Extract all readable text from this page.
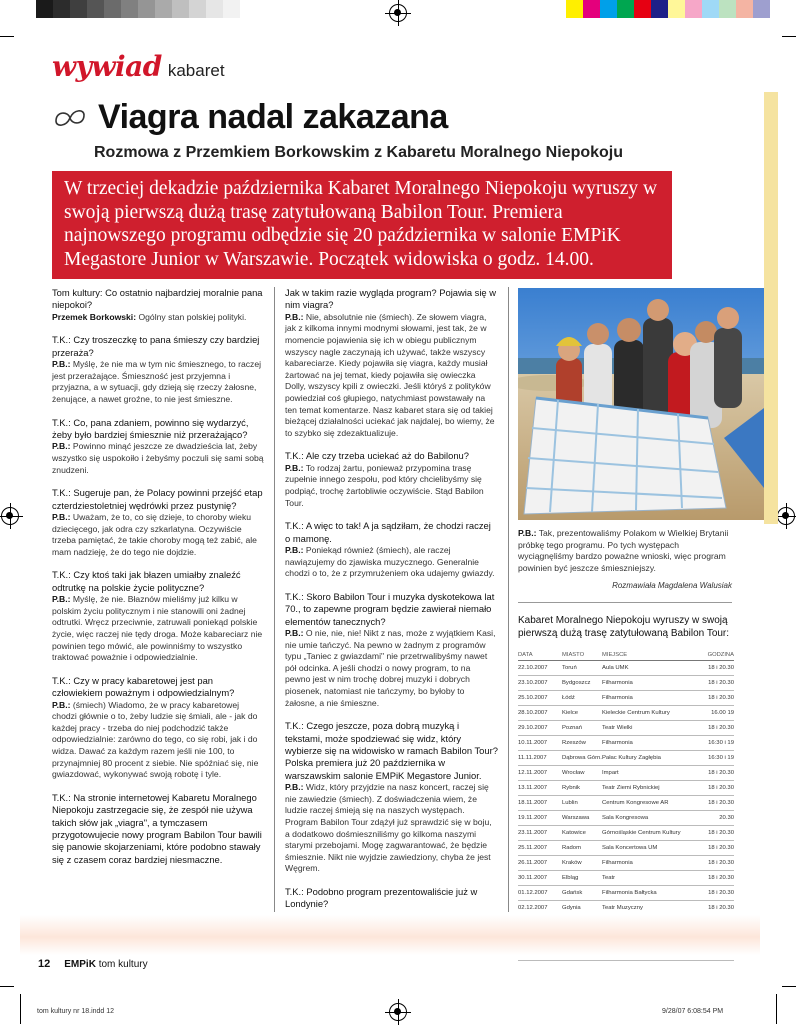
wywiad kabaret
Viagra nadal zakazana
Rozmowa z Przemkiem Borkowskim z Kabaretu Moralnego Niepokoju
W trzeciej dekadzie października Kabaret Moralnego Niepokoju wyruszy w swoją pierwszą dużą trasę zatytułowaną Babilon Tour. Premiera najnowszego programu odbędzie się 20 października w salonie EMPiK Megastore Junior w Warszawie. Początek widowiska o godz. 14.00.

Tom kultury: Co ostatnio najbardziej moralnie pana niepokoi?
Przemek Borkowski: Ogólny stan polskiej polityki.

T.K.: Czy troszeczkę to pana śmieszy czy bardziej przeraża?
P.B.: Myślę, że nie ma w tym nic śmiesznego, to raczej jest przerażające. Śmieszność jest przyjemna i przyjazna, a w sytuacji, gdy dzieją się rzeczy żałosne, żenujące, a nawet groźne, to nie jest śmieszne.

T.K.: Co, pana zdaniem, powinno się wydarzyć, żeby było bardziej śmiesznie niż przerażająco?
P.B.: Powinno minąć jeszcze ze dwadzieścia lat, żeby wszystko się uspokoiło i żebyśmy poczuli się sami sobą znudzeni.

T.K.: Sugeruje pan, że Polacy powinni przejść etap czterdziestoletniej wędrówki przez pustynię?
P.B.: Uważam, że to, co się dzieje, to choroby wieku dziecięcego, jak odra czy szkarlatyna. Oczywiście trzeba pamiętać, że takie choroby mogą też zabić, ale mam nadzieję, że do tego nie dojdzie.

T.K.: Czy ktoś taki jak błazen umiałby znaleźć odtrutkę na polskie życie polityczne?
P.B.: Myślę, że nie. Błaznów mieliśmy już kilku w polskim życiu politycznym i nie stanowili oni żadnej odtrutki. Wręcz przeciwnie, zatruwali poniekąd polskie życie, więc raczej nie tędy droga. Może kabareciarz nie powinien tego mówić, ale powinniśmy to wszystko traktować poważnie i odpowiedzialnie.

T.K.: Czy w pracy kabaretowej jest pan człowiekiem poważnym i odpowiedzialnym?
P.B.: (śmiech) Wiadomo, że w pracy kabaretowej chodzi głównie o to, żeby ludzie się śmiali, ale - jak do każdej pracy - trzeba do niej podchodzić także odpowiedzialnie: zarówno do tego, co się robi, jak i do widza. Dawać za każdym razem jeśli nie 100, to przynajmniej 80 procent z siebie. Nie spóźniać się, nie gwiazdować, wykonywać swoją robotę i tyle.

T.K.: Na stronie internetowej Kabaretu Moralnego Niepokoju zastrzegacie się, że zespół nie używa takich słów jak „viagra", a tymczasem przygotowujecie nowy program Babilon Tour bawili się panowie skojarzeniami, które podobno stawały się z czasem coraz bardziej niesmaczne.

Jak w takim razie wygląda program? Pojawia się w nim viagra?
P.B.: Nie, absolutnie nie (śmiech). Ze słowem viagra, jak z kilkoma innymi modnymi słowami, jest tak, że w momencie pojawienia się ich w obiegu publicznym wszyscy nagle zaczynają ich używać, także wszyscy kabareciarze. Kiedy pojawiła się viagra, każdy musiał żartować na jej temat, kiedy pojawiła się owieczka Dolly, wszyscy kpili z owieczki. Jeśli któryś z polityków powiedział coś głupiego, natychmiast powstawały na ten temat komentarze. Nasz kabaret stara się od takiej bieżącej działalności uciekać jak najdalej, bo wiemy, że to szybko się zdezaktualizuje.

T.K.: Ale czy trzeba uciekać aż do Babilonu?
P.B.: To rodzaj żartu, ponieważ przypomina trasę zupełnie innego zespołu, pod który chcielibyśmy się podpiąć, trochę żartobliwie oczywiście. Stąd Babilon Tour.

T.K.: A więc to tak! A ja sądziłam, że chodzi raczej o mamonę.
P.B.: Poniekąd również (śmiech), ale raczej nawiązujemy do zjawiska muzycznego. Generalnie chodzi o to, że z przymrużeniem oka udajemy gwiazdy.

T.K.: Skoro Babilon Tour i muzyka dyskotekowa lat 70., to zapewne program będzie zawierał niemało elementów tanecznych?
P.B.: O nie, nie, nie! Nikt z nas, może z wyjątkiem Kasi, nie umie tańczyć. Na pewno w żadnym z programów typu „Taniec z gwiazdami" nie przetrwalibyśmy nawet pół odcinka. A jeśli chodzi o nowy program, to na pewno jest w nim trochę dobrej muzyki i dobrych piosenek, natomiast nie tańczymy, bo byłoby to żałosne, a nie śmieszne.

T.K.: Czego jeszcze, poza dobrą muzyką i tekstami, może spodziewać się widz, który wybierze się na widowisko w ramach Babilon Tour? Polska premiera już 20 października w warszawskim salonie EMPiK Megastore Junior.
P.B.: Widz, który przyjdzie na nasz koncert, raczej się nie zawiedzie (śmiech). Z doświadczenia wiem, że ludzie raczej śmieją się na naszych występach. Program Babilon Tour zdążył już sprawdzić się w boju, a dodatkowo dośmieszniliśmy go kilkoma naszymi starymi przebojami. Mogę zagwarantować, że będzie śmiesznie. Nikt nie wyjdzie zawiedziony, chyba że jest Węgrem.

T.K.: Podobno program prezentowaliście już w Londynie?

P.B.: Tak, prezentowaliśmy Polakom w Wielkiej Brytanii próbkę tego programu. Po tych występach wyciągnęliśmy bardzo poważne wnioski, więc program powinien być jeszcze śmieszniejszy.
Rozmawiała Magdalena Walusiak
Kabaret Moralnego Niepokoju wyruszy w swoją pierwszą dużą trasę zatytułowaną Babilon Tour:
DATA	MIASTO	MIEJSCE	GODZINA
22.10.2007	Toruń	Aula UMK	18 i 20.30
23.10.2007	Bydgoszcz	Filharmonia	18 i 20.30
25.10.2007	Łódź	Filharmonia	18 i 20.30
28.10.2007	Kielce	Kieleckie Centrum Kultury	16.00 19
29.10.2007	Poznań	Teatr Wielki	18 i 20.30
10.11.2007	Rzeszów	Filharmonia	16:30 i 19
11.11.2007	Dąbrowa Górn.	Pałac Kultury Zagłębia	16:30 i 19
12.11.2007	Wrocław	Impart	18 i 20.30
13.11.2007	Rybnik	Teatr Ziemi Rybnickiej	18 i 20.30
18.11.2007	Lublin	Centrum Kongresowe AR	18 i 20.30
19.11.2007	Warszawa	Sala Kongresowa	20.30
23.11.2007	Katowice	Górnośląskie Centrum Kultury	18 i 20.30
25.11.2007	Radom	Sala Koncertowa UM	18 i 20.30
26.11.2007	Kraków	Filharmonia	18 i 20.30
30.11.2007	Elbląg	Teatr	18 i 20.30
01.12.2007	Gdańsk	Filharmonia Bałtycka	18 i 20.30
02.12.2007	Gdynia	Teatr Muzyczny	18 i 20.30

12 EMPiK tom kultury
tom kultury nr 18.indd 12	9/28/07 6:08:54 PM
